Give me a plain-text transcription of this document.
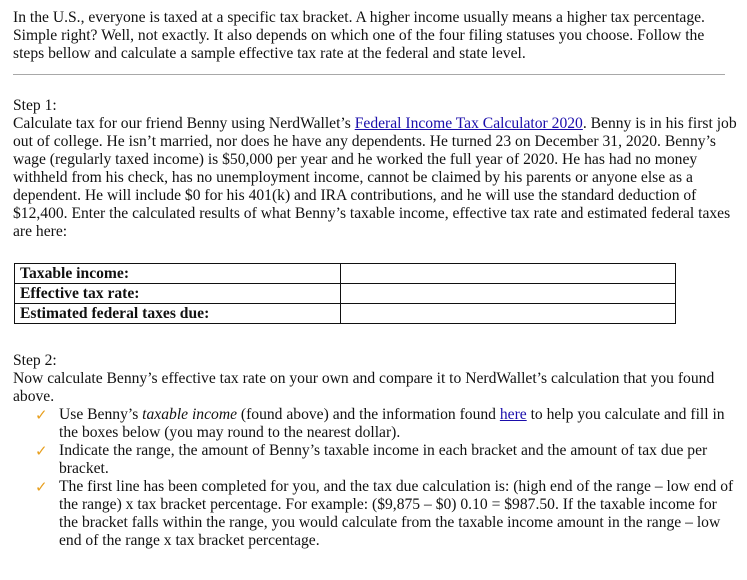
In the U.S., everyone is taxed at a specific tax bracket. A higher income usually means a higher tax percentage. Simple right? Well, not exactly. It also depends on which one of the four filing statuses you choose. Follow the steps bellow and calculate a sample effective tax rate at the federal and state level.

Step 1:

Calculate tax for our friend Benny using NerdWallet’s Federal Income Tax Calculator 2020. Benny is in his first job out of college. He isn’t married, nor does he have any dependents. He turned 23 on December 31, 2020. Benny’s wage (regularly taxed income) is $50,000 per year and he worked the full year of 2020. He has had no money withheld from his check, has no unemployment income, cannot be claimed by his parents or anyone else as a dependent. He will include $0 for his 401(k) and IRA contributions, and he will use the standard deduction of $12,400. Enter the calculated results of what Benny’s taxable income, effective tax rate and estimated federal taxes are here:

Taxable income:	
Effective tax rate:	
Estimated federal taxes due:	

Step 2:

Now calculate Benny’s effective tax rate on your own and compare it to NerdWallet’s calculation that you found above.

✓ Use Benny’s taxable income (found above) and the information found here to help you calculate and fill in the boxes below (you may round to the nearest dollar).
✓ Indicate the range, the amount of Benny’s taxable income in each bracket and the amount of tax due per bracket.
✓ The first line has been completed for you, and the tax due calculation is: (high end of the range – low end of the range) x tax bracket percentage. For example: ($9,875 – $0) 0.10 = $987.50. If the taxable income for the bracket falls within the range, you would calculate from the taxable income amount in the range – low end of the range x tax bracket percentage.
